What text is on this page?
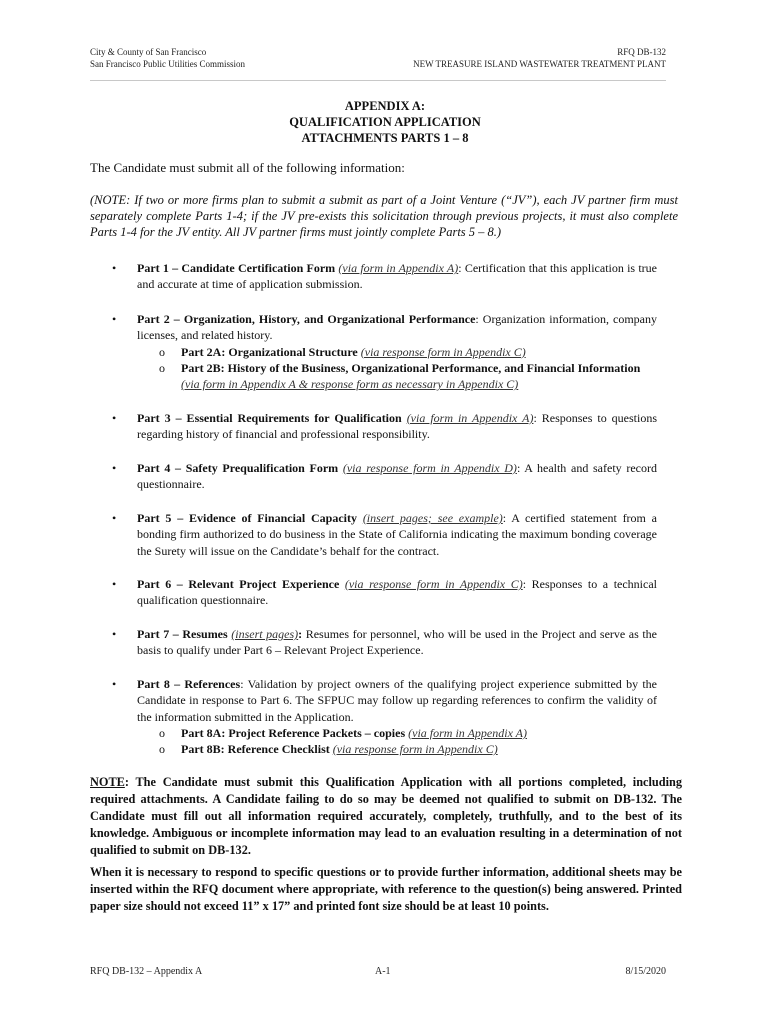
City & County of San Francisco
San Francisco Public Utilities Commission
RFQ DB-132
NEW TREASURE ISLAND WASTEWATER TREATMENT PLANT
APPENDIX A:
QUALIFICATION APPLICATION
ATTACHMENTS PARTS 1 – 8
The Candidate must submit all of the following information:
(NOTE: If two or more firms plan to submit a submit as part of a Joint Venture (“JV”), each JV partner firm must separately complete Parts 1-4; if the JV pre-exists this solicitation through previous projects, it must also complete Parts 1-4 for the JV entity. All JV partner firms must jointly complete Parts 5 – 8.)
• Part 1 – Candidate Certification Form (via form in Appendix A): Certification that this application is true and accurate at time of application submission.
• Part 2 – Organization, History, and Organizational Performance: Organization information, company licenses, and related history.
o Part 2A: Organizational Structure (via response form in Appendix C)
o Part 2B: History of the Business, Organizational Performance, and Financial Information (via form in Appendix A & response form as necessary in Appendix C)
• Part 3 – Essential Requirements for Qualification (via form in Appendix A): Responses to questions regarding history of financial and professional responsibility.
• Part 4 – Safety Prequalification Form (via response form in Appendix D): A health and safety record questionnaire.
• Part 5 – Evidence of Financial Capacity (insert pages; see example): A certified statement from a bonding firm authorized to do business in the State of California indicating the maximum bonding coverage the Surety will issue on the Candidate’s behalf for the contract.
• Part 6 – Relevant Project Experience (via response form in Appendix C): Responses to a technical qualification questionnaire.
• Part 7 – Resumes (insert pages): Resumes for personnel, who will be used in the Project and serve as the basis to qualify under Part 6 – Relevant Project Experience.
• Part 8 – References: Validation by project owners of the qualifying project experience submitted by the Candidate in response to Part 6. The SFPUC may follow up regarding references to confirm the validity of the information submitted in the Application.
o Part 8A: Project Reference Packets – copies (via form in Appendix A)
o Part 8B: Reference Checklist (via response form in Appendix C)
NOTE: The Candidate must submit this Qualification Application with all portions completed, including required attachments. A Candidate failing to do so may be deemed not qualified to submit on DB-132. The Candidate must fill out all information required accurately, completely, truthfully, and to the best of its knowledge. Ambiguous or incomplete information may lead to an evaluation resulting in a determination of not qualified to submit on DB-132.
When it is necessary to respond to specific questions or to provide further information, additional sheets may be inserted within the RFQ document where appropriate, with reference to the question(s) being answered. Printed paper size should not exceed 11” x 17” and printed font size should be at least 10 points.
RFQ DB-132 – Appendix A	A-1	8/15/2020
